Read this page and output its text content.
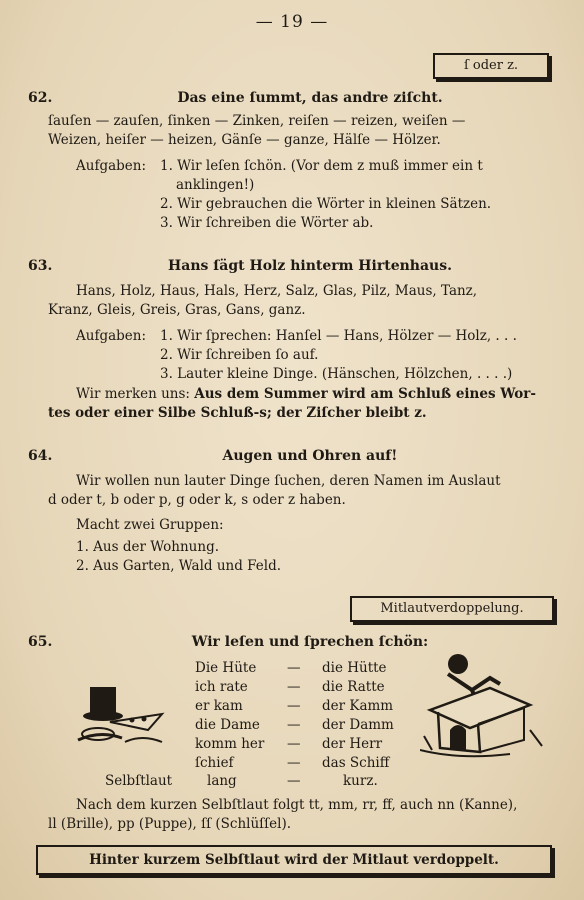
— 19 —
ſ oder z.
62.	Das eine ſummt, das andre ziſcht.
ſauſen — zauſen, ſinken — Zinken, reiſen — reizen, weiſen —
Weizen, heiſer — heizen, Gänſe — ganze, Hälſe — Hölzer.
Aufgaben: 1. Wir leſen ſchön. (Vor dem z muß immer ein t
anklingen!)
2. Wir gebrauchen die Wörter in kleinen Sätzen.
3. Wir ſchreiben die Wörter ab.
63.	Hans ſägt Holz hinterm Hirtenhaus.
Hans, Holz, Haus, Hals, Herz, Salz, Glas, Pilz, Maus, Tanz,
Kranz, Gleis, Greis, Gras, Gans, ganz.
Aufgaben: 1. Wir ſprechen: Hanſel — Hans, Hölzer — Holz, . . .
2. Wir ſchreiben ſo auf.
3. Lauter kleine Dinge. (Hänschen, Hölzchen, . . . .)
Wir merken uns: Aus dem Summer wird am Schluß eines Wor-
tes oder einer Silbe Schluß-s; der Ziſcher bleibt z.
64.	Augen und Ohren auf!
Wir wollen nun lauter Dinge ſuchen, deren Namen im Auslaut
d oder t, b oder p, g oder k, s oder z haben.
Macht zwei Gruppen:
1. Aus der Wohnung.
2. Aus Garten, Wald und Feld.
Mitlautverdoppelung.
65.	Wir leſen und ſprechen ſchön:
Die Hüte — die Hütte
ich rate	— die Ratte
er kam	— der Kamm
die Dame — der Damm
komm her — der Herr
ſchief	— das Schiff
Selbſtlaut	lang	—	kurz.
Nach dem kurzen Selbſtlaut folgt tt, mm, rr, ff, auch nn (Kanne),
ll (Brille), pp (Puppe), ſſ (Schlüſſel).
Hinter kurzem Selbſtlaut wird der Mitlaut verdoppelt.
